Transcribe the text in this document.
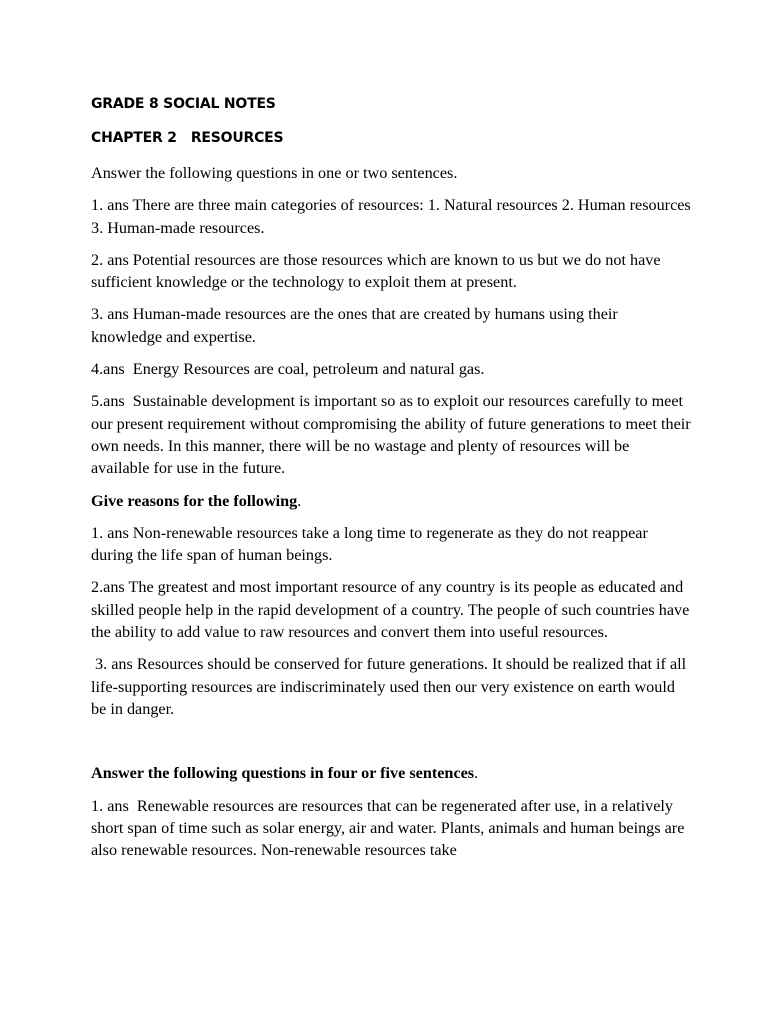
GRADE 8 SOCIAL NOTES
CHAPTER 2   RESOURCES
Answer the following questions in one or two sentences.
1. ans There are three main categories of resources: 1. Natural resources 2. Human resources 3. Human-made resources.
2. ans Potential resources are those resources which are known to us but we do not have sufficient knowledge or the technology to exploit them at present.
3. ans Human-made resources are the ones that are created by humans using their knowledge and expertise.
4.ans  Energy Resources are coal, petroleum and natural gas.
5.ans  Sustainable development is important so as to exploit our resources carefully to meet our present requirement without compromising the ability of future generations to meet their own needs. In this manner, there will be no wastage and plenty of resources will be available for use in the future.
Give reasons for the following.
1. ans Non-renewable resources take a long time to regenerate as they do not reappear during the life span of human beings.
2.ans The greatest and most important resource of any country is its people as educated and skilled people help in the rapid development of a country. The people of such countries have the ability to add value to raw resources and convert them into useful resources.
3. ans Resources should be conserved for future generations. It should be realized that if all life-supporting resources are indiscriminately used then our very existence on earth would be in danger.
Answer the following questions in four or five sentences.
1. ans  Renewable resources are resources that can be regenerated after use, in a relatively short span of time such as solar energy, air and water. Plants, animals and human beings are also renewable resources. Non-renewable resources take
